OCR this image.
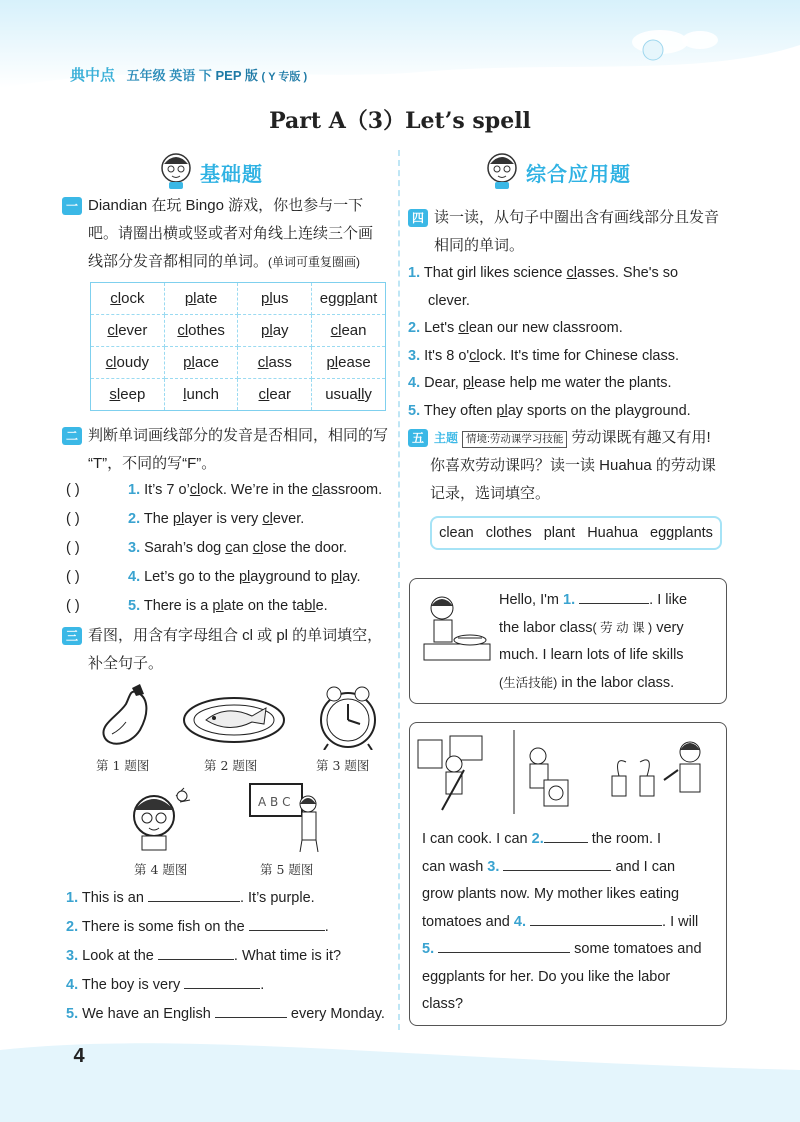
典中点 五年级 英语 下 PEP 版 ( Y 专版 )
Part A（3）Let’s spell
基础题
一 Diandian 在玩 Bingo 游戏，你也参与一下
吧。请圈出横或竖或者对角线上连续三个画
线部分发音都相同的单词。(单词可重复圈画)
clock	plate	plus	eggplant
clever	clothes	play	clean
cloudy	place	class	please
sleep	lunch	clear	usually
二 判断单词画线部分的发音是否相同，相同的写
“T”，不同的写“F”。
( )	1. It’s 7 o’clock. We’re in the classroom.
( )	2. The player is very clever.
( )	3. Sarah’s dog can close the door.
( )	4. Let’s go to the playground to play.
( )	5. There is a plate on the table.
三 看图，用含有字母组合 cl 或 pl 的单词填空，
补全句子。
第 1 题图	第 2 题图	第 3 题图
A B C
第 4 题图	第 5 题图
1. This is an	. It’s purple.
2. There is some fish on the	.
3. Look at the	. What time is it?
4. The boy is very	.
5. We have an English	every Monday.
综合应用题
四 读一读，从句子中圈出含有画线部分且发音
相同的单词。
1. That girl likes science classes. She's so
clever.
2. Let's clean our new classroom.
3. It's 8 o'clock. It's time for Chinese class.
4. Dear, please help me water the plants.
5. They often play sports on the playground.
五 主题 情境:劳动课学习技能 劳动课既有趣又有用!
你喜欢劳动课吗？读一读 Huahua 的劳动课
记录，选词填空。
clean clothes plant Huahua eggplants
Hello, I'm 1.	. I like
the labor class( 劳 动 课 ) very
much. I learn lots of life skills
(生活技能) in the labor class.
I can cook. I can 2.	the room. I
can wash 3.	and I can
grow plants now. My mother likes eating
tomatoes and 4.	. I will
5.	some tomatoes and
eggplants for her. Do you like the labor
class?
4
